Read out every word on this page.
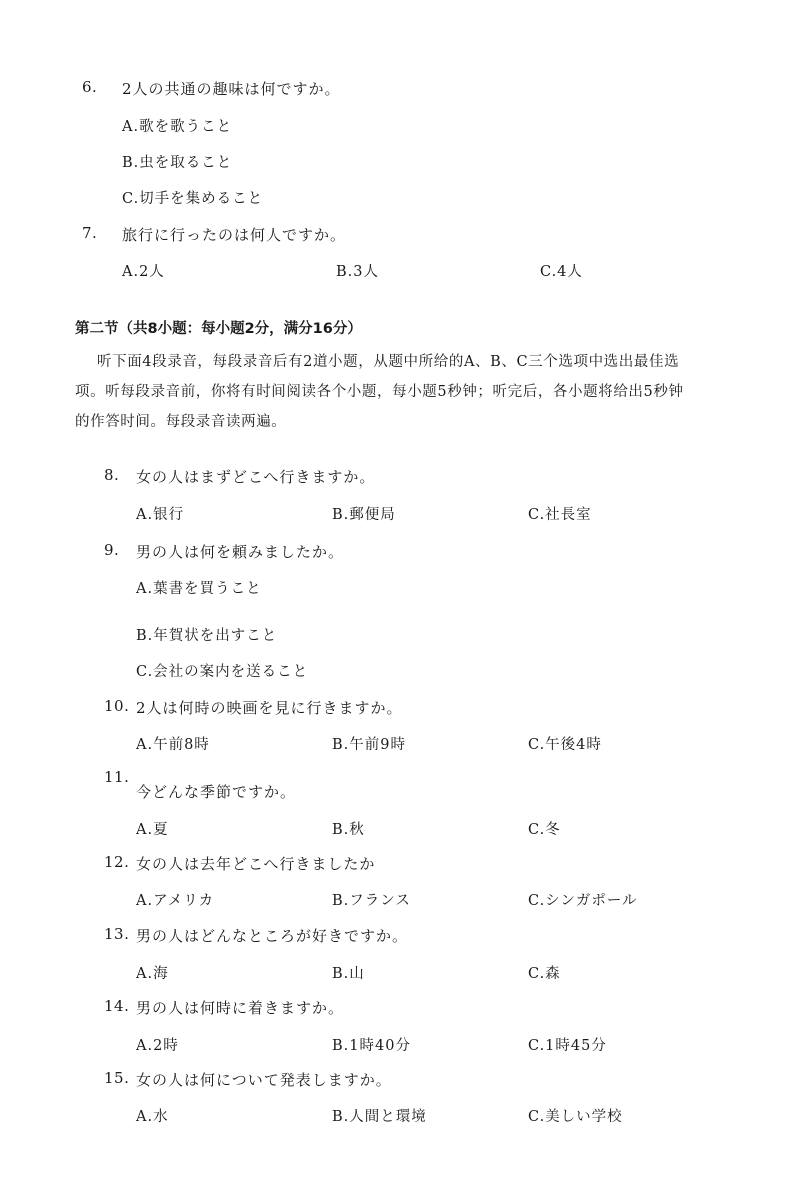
6. 2人の共通の趣味は何ですか。
A.歌を歌うこと
B.虫を取ること
C.切手を集めること
7. 旅行に行ったのは何人ですか。
A.2人	B.3人	C.4人
第二节（共8小题：每小题2分，满分16分）
听下面4段录音，每段录音后有2道小题，从题中所给的A、B、C三个选项中选出最佳选
项。听每段录音前，你将有时间阅读各个小题，每小题5秒钟；听完后，各小题将给出5秒钟
的作答时间。每段录音读两遍。
8. 女の人はまずどこへ行きますか。
A.银行	B.郵便局	C.社長室
9. 男の人は何を頼みましたか。
A.葉書を買うこと
B.年賀状を出すこと
C.会社の案内を送ること
10. 2人は何時の映画を見に行きますか。
A.午前8時	B.午前9時	C.午後4時
11.
今どんな季節ですか。
A.夏	B.秋	C.冬
12. 女の人は去年どこへ行きましたか
A.アメリカ	B.フランス	C.シンガポール
13. 男の人はどんなところが好きですか。
A.海	B.山	C.森
14. 男の人は何時に着きますか。
A.2時	B.1時40分	C.1時45分
15. 女の人は何について発表しますか。
A.水	B.人間と環境	C.美しい学校
